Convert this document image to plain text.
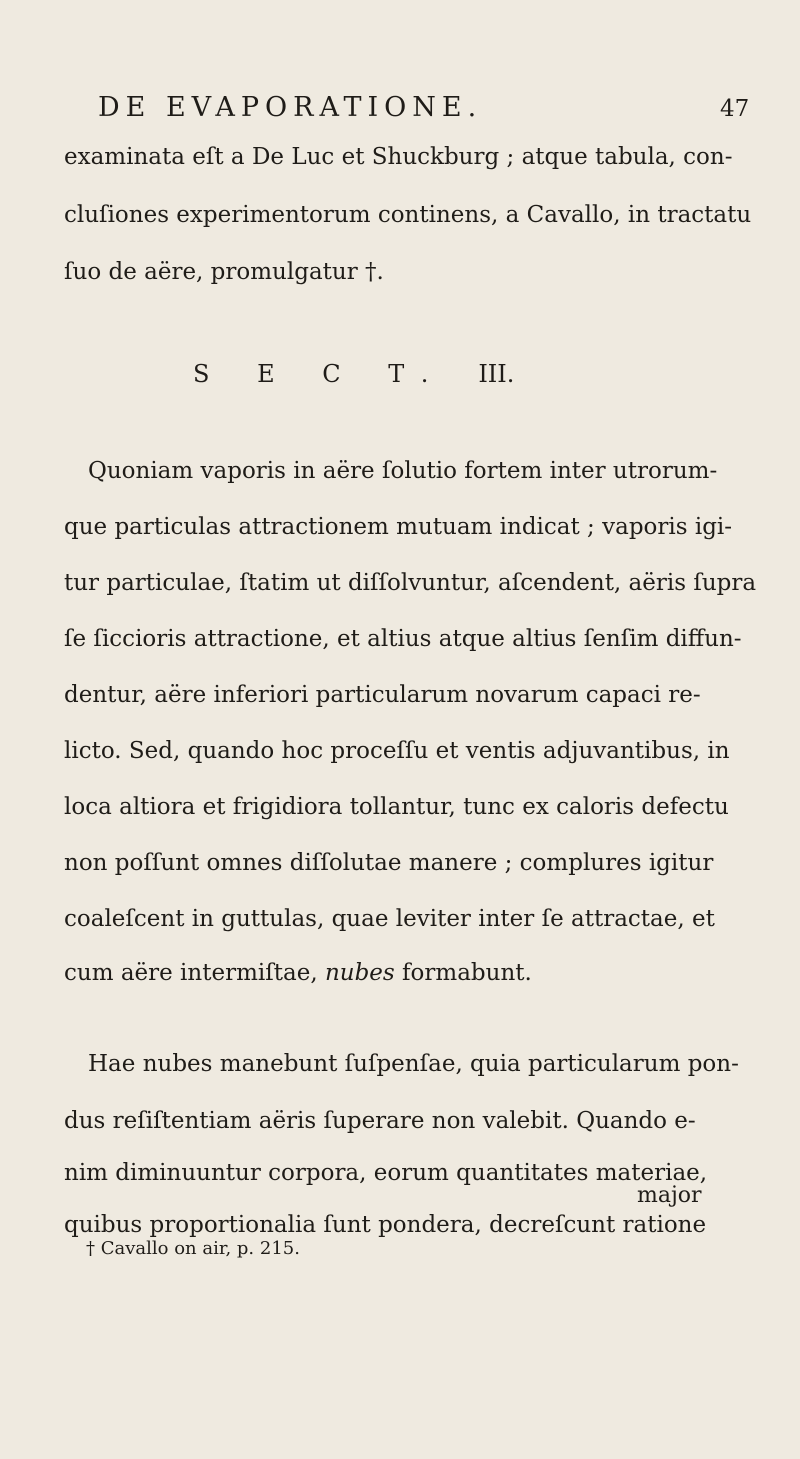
DE EVAPORATIONE.	47
examinata eſt a De Luc et Shuckburg ; atque tabula, con-
cluſiones experimentorum continens, a Cavallo, in tractatu
ſuo de aëre, promulgatur †.
S E C T. III.
Quoniam vaporis in aëre ſolutio fortem inter utrorum-
que particulas attractionem mutuam indicat ; vaporis igi-
tur particulae, ſtatim ut diſſolvuntur, aſcendent, aëris ſupra
ſe ſiccioris attractione, et altius atque altius ſenſim diffun-
dentur, aëre inferiori particularum novarum capaci re-
licto. Sed, quando hoc proceſſu et ventis adjuvantibus, in
loca altiora et frigidiora tollantur, tunc ex caloris defectu
non poſſunt omnes diſſolutae manere ; complures igitur
coaleſcent in guttulas, quae leviter inter ſe attractae, et
cum aëre intermiſtae, nubes formabunt.
Hae nubes manebunt ſuſpenſae, quia particularum pon-
dus reſiſtentiam aëris ſuperare non valebit. Quando e-
nim diminuuntur corpora, eorum quantitates materiae,
quibus proportionalia ſunt pondera, decreſcunt ratione
major
† Cavallo on air, p. 215.
